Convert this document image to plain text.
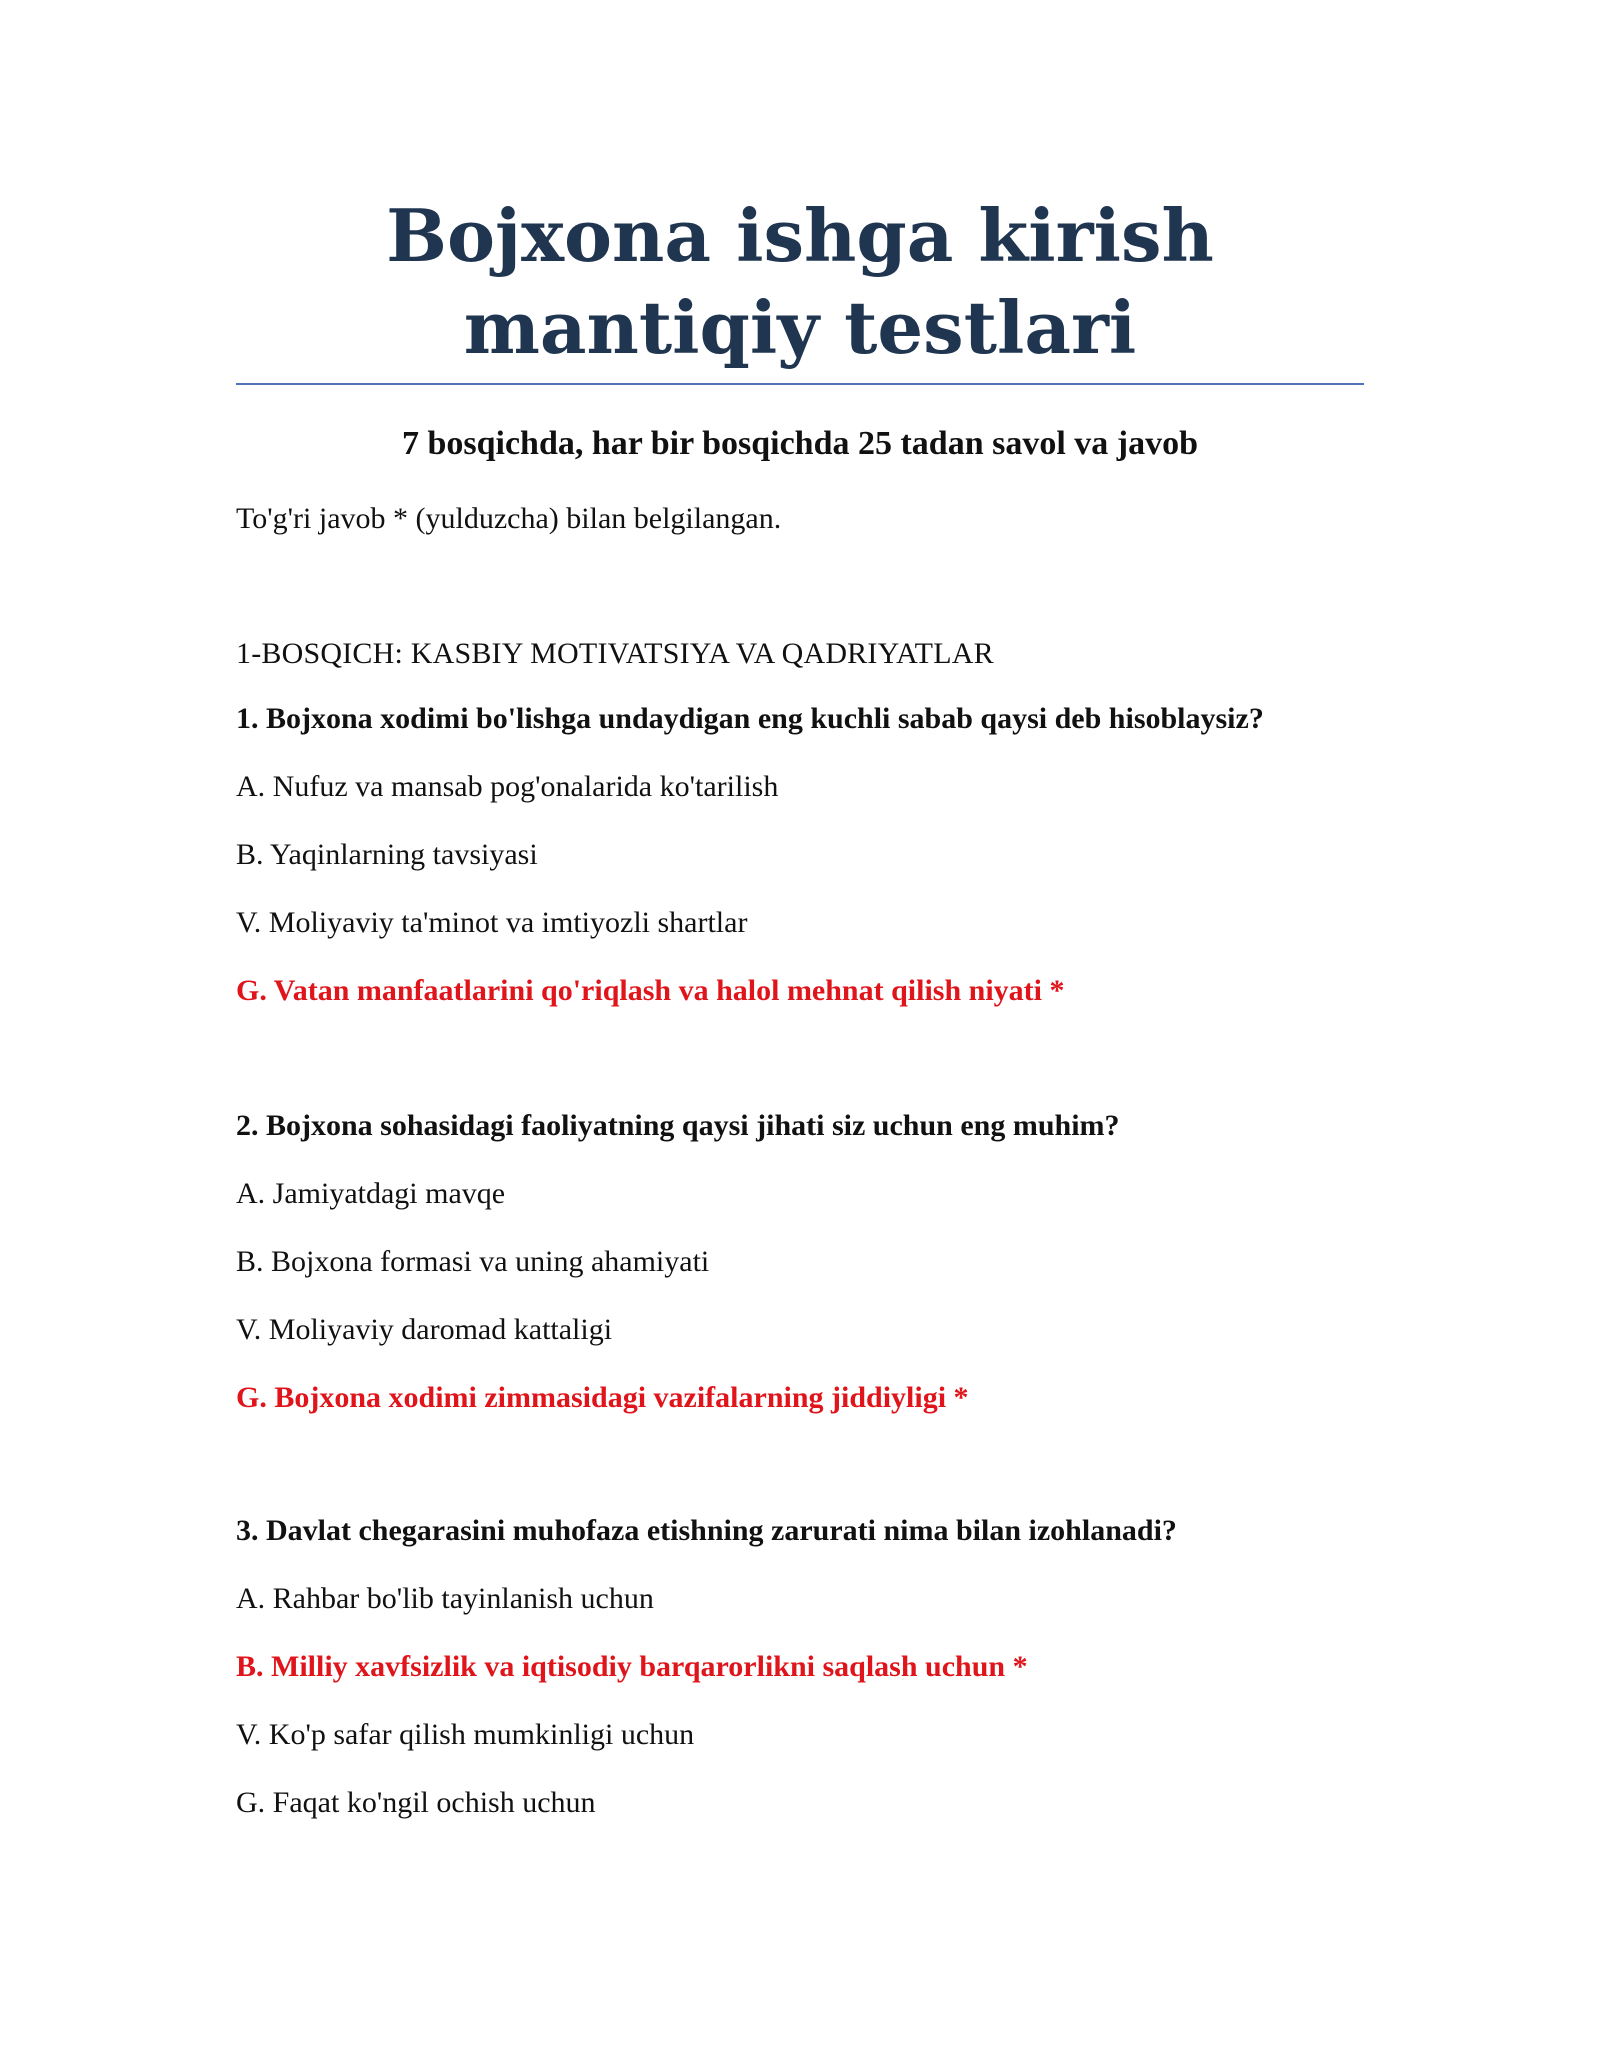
Bojxona ishga kirish mantiqiy testlari
7 bosqichda, har bir bosqichda 25 tadan savol va javob

To'g'ri javob * (yulduzcha) bilan belgilangan.

1-BOSQICH: KASBIY MOTIVATSIYA VA QADRIYATLAR

1. Bojxona xodimi bo'lishga undaydigan eng kuchli sabab qaysi deb hisoblaysiz?

A. Nufuz va mansab pog'onalarida ko'tarilish

B. Yaqinlarning tavsiyasi

V. Moliyaviy ta'minot va imtiyozli shartlar

G. Vatan manfaatlarini qo'riqlash va halol mehnat qilish niyati *

2. Bojxona sohasidagi faoliyatning qaysi jihati siz uchun eng muhim?

A. Jamiyatdagi mavqe

B. Bojxona formasi va uning ahamiyati

V. Moliyaviy daromad kattaligi

G. Bojxona xodimi zimmasidagi vazifalarning jiddiyligi *

3. Davlat chegarasini muhofaza etishning zarurati nima bilan izohlanadi?

A. Rahbar bo'lib tayinlanish uchun

B. Milliy xavfsizlik va iqtisodiy barqarorlikni saqlash uchun *

V. Ko'p safar qilish mumkinligi uchun

G. Faqat ko'ngil ochish uchun
